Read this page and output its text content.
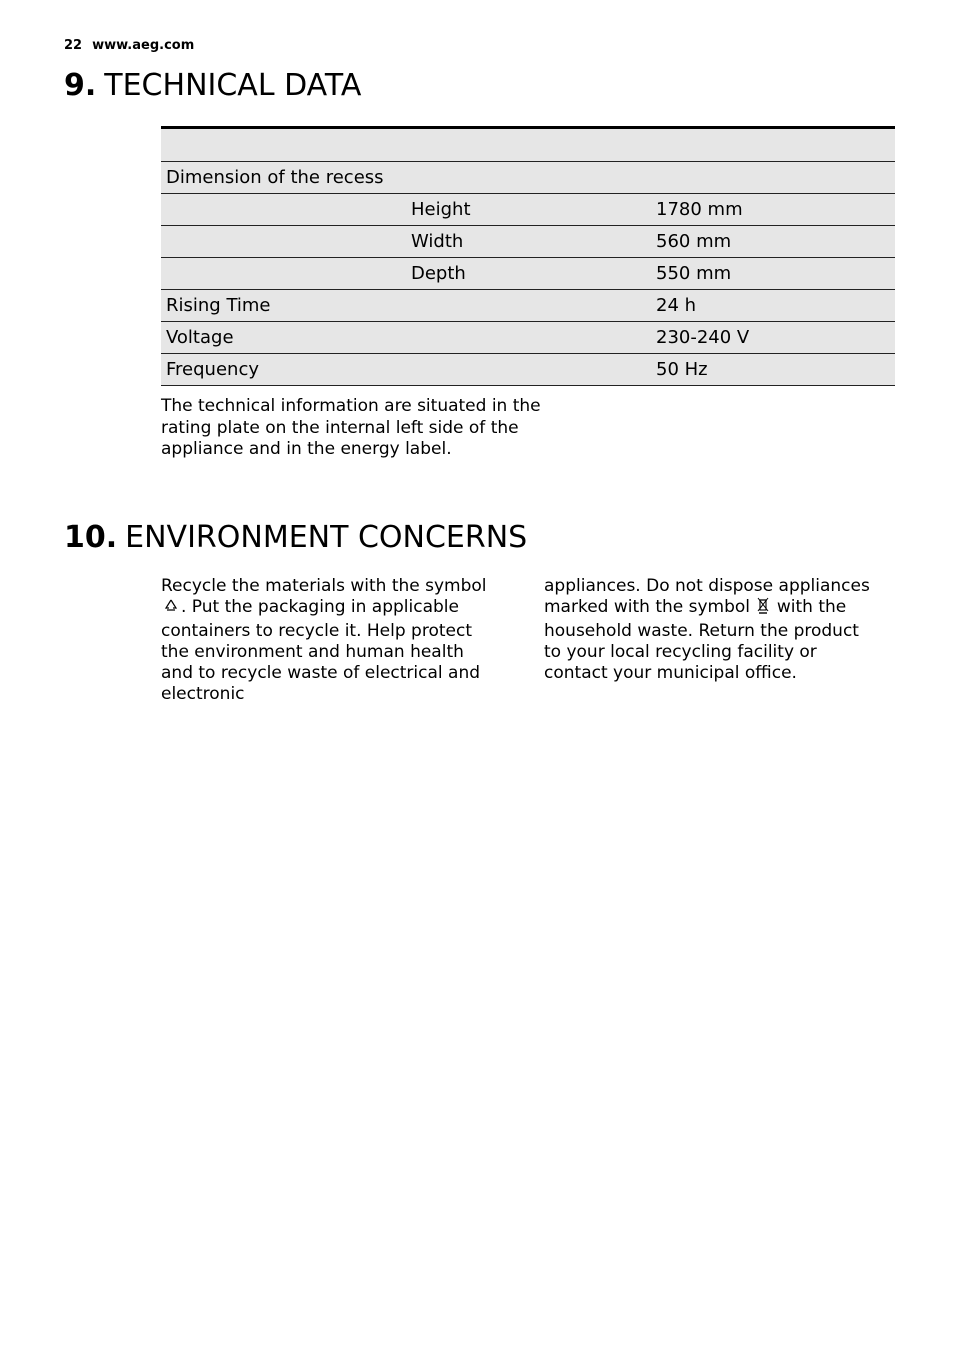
22 www.aeg.com
9. TECHNICAL DATA

Dimension of the recess		
	Height	1780 mm
	Width	560 mm
	Depth	550 mm
Rising Time		24 h
Voltage		230-240 V
Frequency		50 Hz
The technical information are situated in the rating plate on the internal left side of the appliance and in the energy label.
10. ENVIRONMENT CONCERNS
Recycle the materials with the symbol . Put the packaging in applicable containers to recycle it. Help protect the environment and human health and to recycle waste of electrical and electronic
appliances. Do not dispose appliances marked with the symbol with the household waste. Return the product to your local recycling facility or contact your municipal office.
